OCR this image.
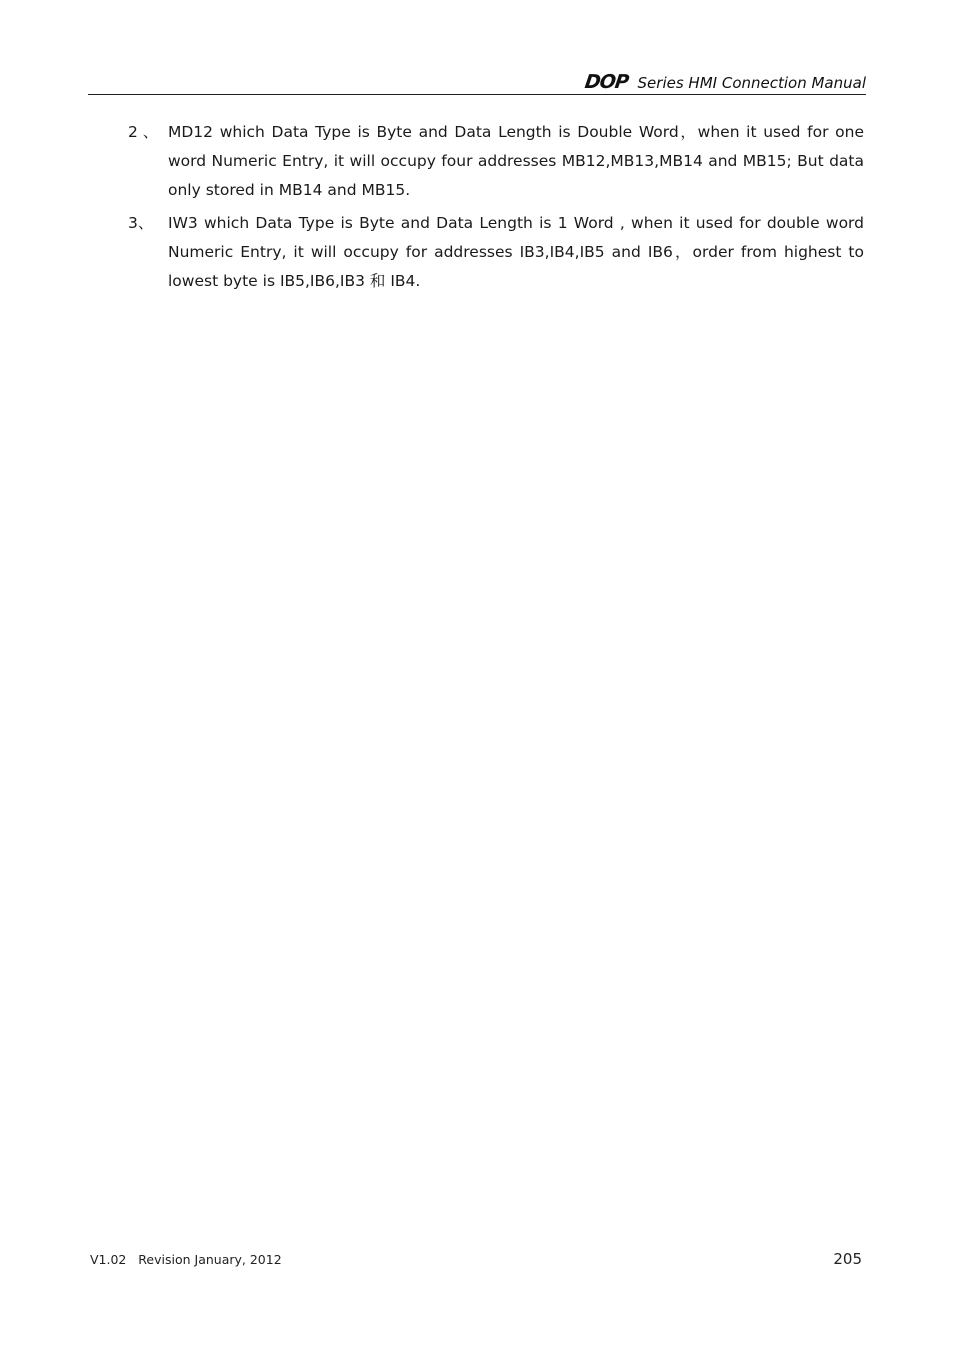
DOP Series HMI Connection Manual
2 、 MD12 which Data Type is Byte and Data Length is Double Word，when it used for one word Numeric Entry, it will occupy four addresses MB12,MB13,MB14 and MB15; But data only stored in MB14 and MB15.
3、 IW3 which Data Type is Byte and Data Length is 1 Word , when it used for double word Numeric Entry, it will occupy for addresses IB3,IB4,IB5 and IB6，order from highest to lowest byte is IB5,IB6,IB3 和 IB4.
V1.02   Revision January, 2012	205
